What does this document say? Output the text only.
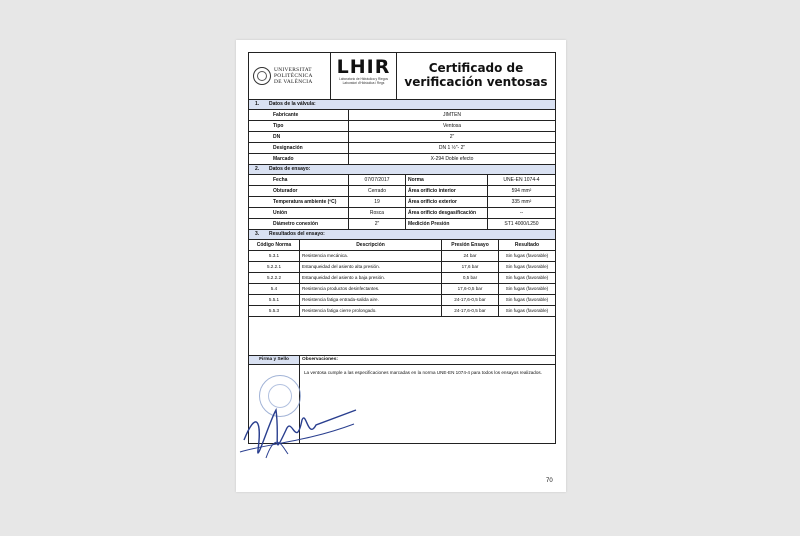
UNIVERSITAT
POLITÈCNICA
DE VALÈNCIA
LHIR
Laboratorio de Hidráulica y Riegos
Laboratori d'Hidràulica i Regs
Certificado de
verificación ventosas
1. Datos de la válvula:
Fabricante	JIMTEN
Tipo	Ventosa
DN	2"
Designación	DN 1 ½"- 2"
Marcado	X-294 Doble efecto
2. Datos de ensayo:
Fecha	07/07/2017	Norma	UNE-EN 1074-4
Obturador	Cerrado	Área orificio interior	594 mm²
Temperatura ambiente (ºC)	19	Área orificio exterior	335 mm²
Unión	Rosca	Área orificio desgasificación	--
Diámetro conexión	2"	Medición Presión	ST1 4000/L250
3. Resultados del ensayo:
Código Norma	Descripción	Presión Ensayo	Resultado
5.3.1	Resistencia mecánica.	24 bar	Sin fugas (favorable)
5.2.2.1	Estanqueidad del asiento alta presión.	17,6 bar	Sin fugas (favorable)
5.2.2.2	Estanqueidad del asiento a baja presión.	0,5 bar	Sin fugas (favorable)
5.4	Resistencia productos desinfectantes.	17,6-0,5 bar	Sin fugas (favorable)
5.5.1	Resistencia fatiga entrada-salida aire.	24-17,6-0,5 bar	Sin fugas (favorable)
5.5.3	Resistencia fatiga cierre prolongado.	24-17,6-0,5 bar	Sin fugas (favorable)
Firma y Sello	Observaciones:
La ventosa cumple a las especificaciones marcadas en la norma UNE-EN 1074-4 para todos los ensayos realizados.
70
